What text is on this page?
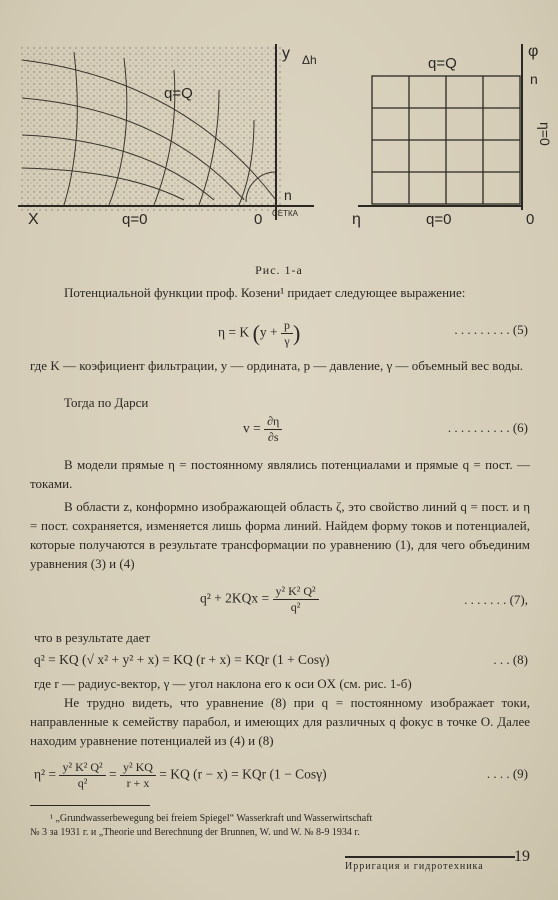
y Δh
q=Q
n
СЕТКА
X	q=0	0
q=Q
φ
n
η=0
η	q=0	0
Рис. 1-а
Потенциальной функции проф. Козени¹ придает следующее выражение:
η = K ($y + \frac{p}{\gamma}$ )	. . . . . . . . . (5)
где K — коэфициент фильтрации, y — ордината, p — давление, γ — объемный вес воды.
Тогда по Дарси
$v = \frac{\partial\eta}{\partial s}$	. . . . . . . . . . (6)
В модели прямые η = постоянному являлись потенциалами и прямые q = пост. — токами.
В области z, конформно изображающей область ζ, это свойство линий q = пост. и η = пост. сохраняется, изменяется лишь форма линий. Найдем форму токов и потенциалей, которые получаются в результате трансформации по уравнению (1), для чего объединим уравнения (3) и (4)
$q^2 + 2KQx = \frac{\text{y² K² Q²}}{\text{q²}}$	. . . . . . . (7),
что в результате дает
q² = KQ (√ x² + y² + x) = KQ (r + x) = KQr (1 + Cosγ)	. . . (8)
где r — радиус-вектор, γ — угол наклона его к оси OX (см. рис. 1-б)
Не трудно видеть, что уравнение (8) при q = постоянному изображает токи, направленные к семейству парабол, и имеющих для различных q фокус в точке O. Далее находим уравнение потенциалей из (4) и (8)
$\eta^2 = \frac{\text{y² K² Q²}}{\text{q²}} = \frac{\text{y² KQ}}{r + x}$ = KQ (r − x) = KQr (1 − Cosγ)	. . . . (9)
¹ „Grundwasserbewegung bei freiem Spiegel“ Wasserkraft und Wasserwirtschaft
№ 3 за 1931 г. и „Theorie und Berechnung der Brunnen, W. und W. № 8-9 1934 г.
Ирригация и гидротехника
19
